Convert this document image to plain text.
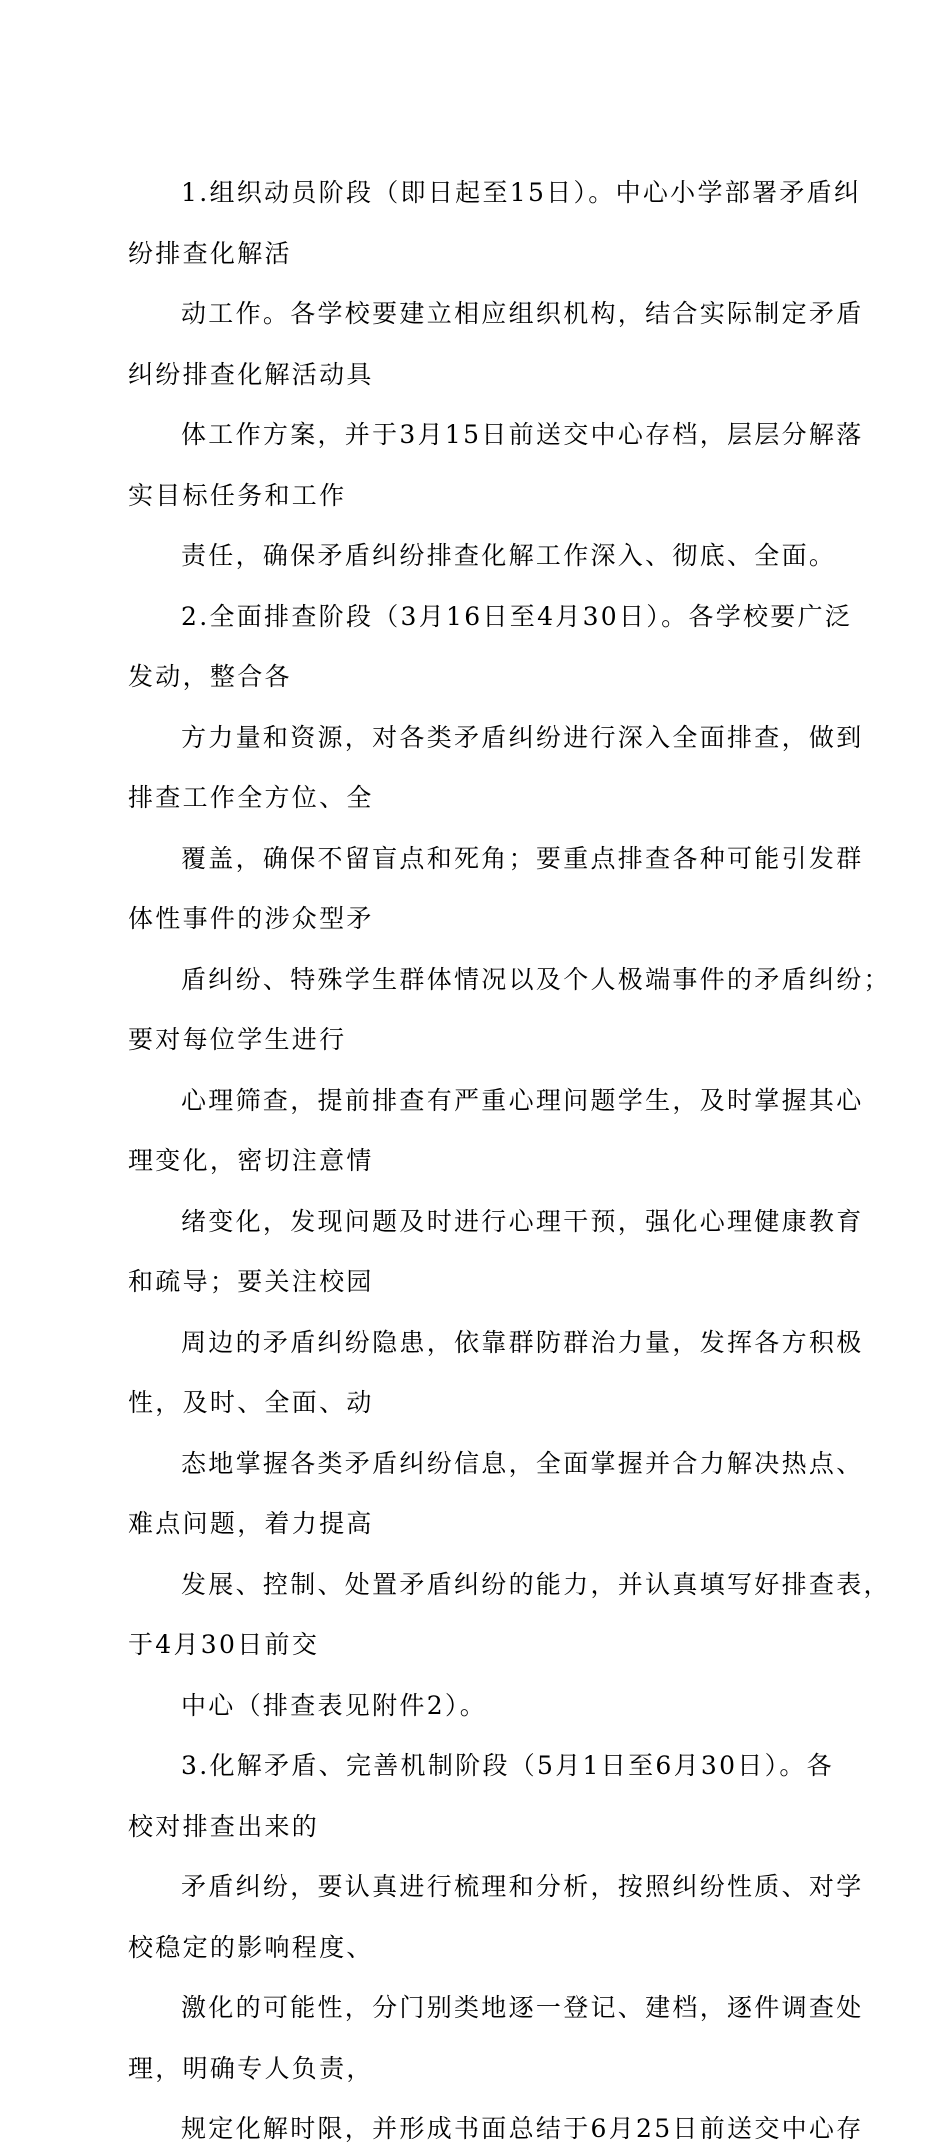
1.组织动员阶段（即日起至15日）。中心小学部署矛盾纠
纷排查化解活
动工作。各学校要建立相应组织机构，结合实际制定矛盾
纠纷排查化解活动具
体工作方案，并于3月15日前送交中心存档，层层分解落
实目标任务和工作
责任，确保矛盾纠纷排查化解工作深入、彻底、全面。
2.全面排查阶段（3月16日至4月30日）。各学校要广泛
发动，整合各
方力量和资源，对各类矛盾纠纷进行深入全面排查，做到
排查工作全方位、全
覆盖，确保不留盲点和死角；要重点排查各种可能引发群
体性事件的涉众型矛
盾纠纷、特殊学生群体情况以及个人极端事件的矛盾纠纷；
要对每位学生进行
心理筛查，提前排查有严重心理问题学生，及时掌握其心
理变化，密切注意情
绪变化，发现问题及时进行心理干预，强化心理健康教育
和疏导；要关注校园
周边的矛盾纠纷隐患，依靠群防群治力量，发挥各方积极
性，及时、全面、动
态地掌握各类矛盾纠纷信息，全面掌握并合力解决热点、
难点问题，着力提高
发展、控制、处置矛盾纠纷的能力，并认真填写好排查表，
于4月30日前交
中心（排查表见附件2）。
3.化解矛盾、完善机制阶段（5月1日至6月30日）。各
校对排查出来的
矛盾纠纷，要认真进行梳理和分析，按照纠纷性质、对学
校稳定的影响程度、
激化的可能性，分门别类地逐一登记、建档，逐件调查处
理，明确专人负责，
规定化解时限，并形成书面总结于6月25日前送交中心存
